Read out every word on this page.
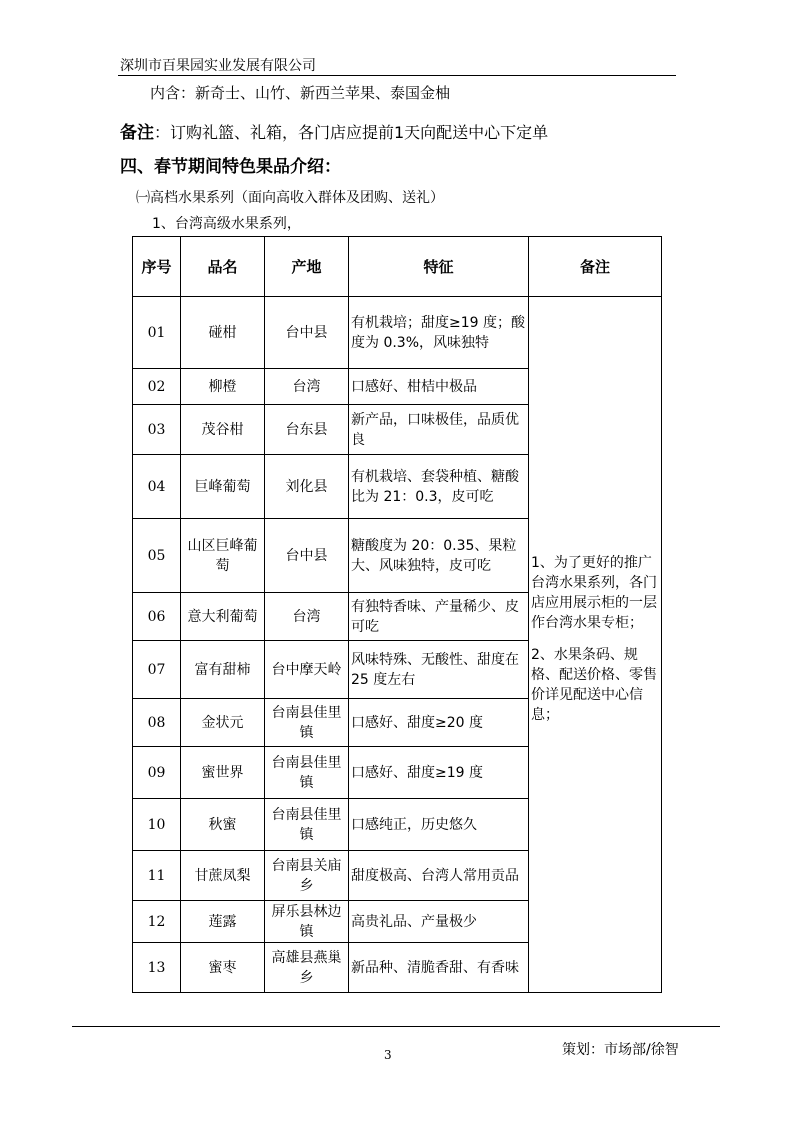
深圳市百果园实业发展有限公司
内含：新奇士、山竹、新西兰苹果、泰国金柚
备注：订购礼篮、礼箱，各门店应提前1天向配送中心下定单
四、春节期间特色果品介绍：
㈠高档水果系列（面向高收入群体及团购、送礼）
1、台湾高级水果系列，
序号	品名	产地	特征	备注
01	碰柑	台中县	有机栽培；甜度≥19 度；酸度为 0.3%，风味独特	1、为了更好的推广台湾水果系列，各门店应用展示柜的一层作台湾水果专柜；

2、水果条码、规格、配送价格、零售价详见配送中心信息；

02	柳橙	台湾	口感好、柑桔中极品	
03	茂谷柑	台东县	新产品，口味极佳，品质优良	
04	巨峰葡萄	刘化县	有机栽培、套袋种植、糖酸比为 21：0.3，皮可吃	
05	山区巨峰葡萄	台中县	糖酸度为 20：0.35、果粒大、风味独特，皮可吃	
06	意大利葡萄	台湾	有独特香味、产量稀少、皮可吃	
07	富有甜柿	台中摩天岭	风味特殊、无酸性、甜度在 25 度左右	
08	金状元	台南县佳里镇	口感好、甜度≥20 度	
09	蜜世界	台南县佳里镇	口感好、甜度≥19 度	
10	秋蜜	台南县佳里镇	口感纯正，历史悠久	
11	甘蔗凤梨	台南县关庙乡	甜度极高、台湾人常用贡品	
12	莲露	屏乐县林边镇	高贵礼品、产量极少	
13	蜜枣	高雄县燕巢乡	新品种、清脆香甜、有香味	
3	策划：市场部/徐智
